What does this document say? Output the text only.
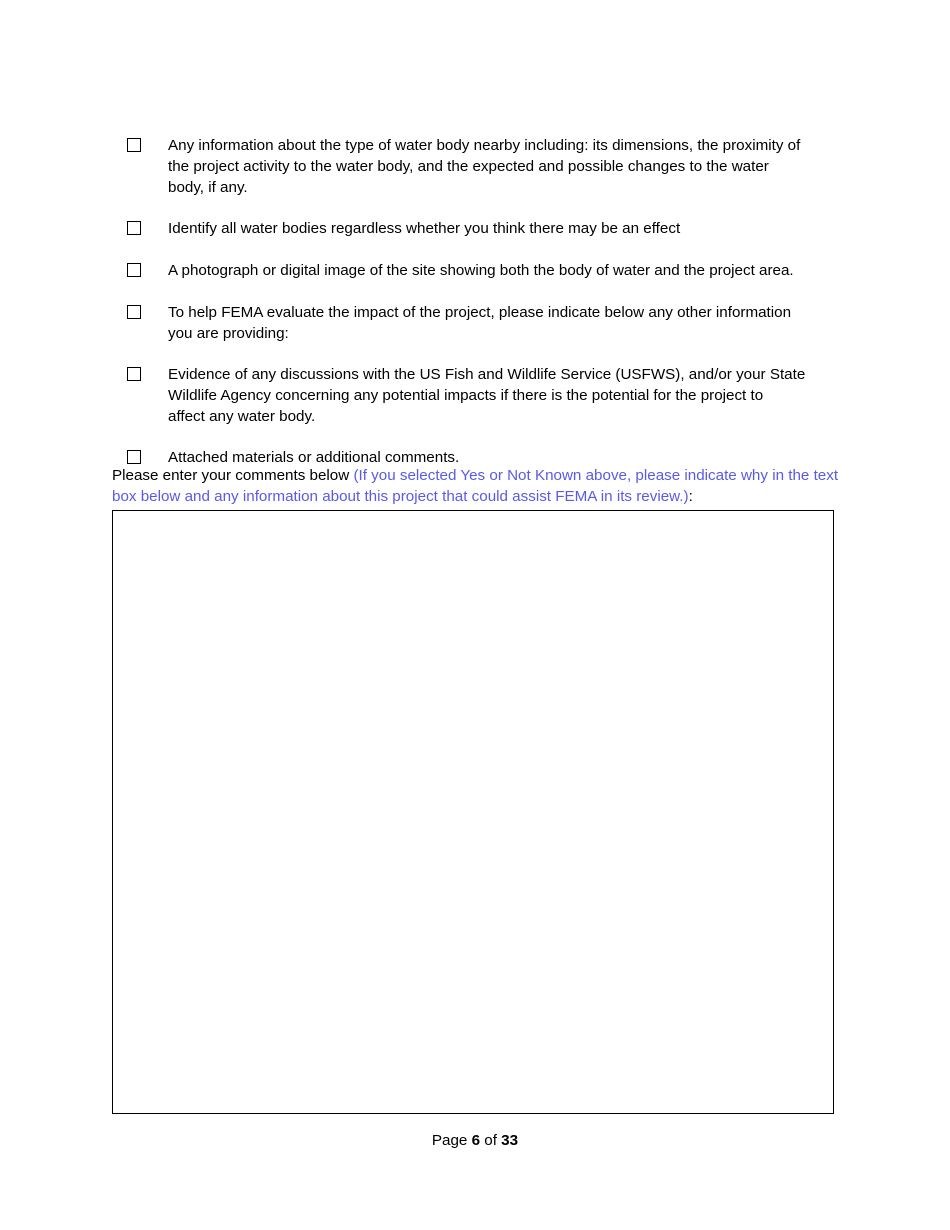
Any information about the type of water body nearby including: its dimensions, the proximity of
the project activity to the water body, and the expected and possible changes to the water
body, if any.
Identify all water bodies regardless whether you think there may be an effect
A photograph or digital image of the site showing both the body of water and the project area.
To help FEMA evaluate the impact of the project, please indicate below any other information
you are providing:
Evidence of any discussions with the US Fish and Wildlife Service (USFWS), and/or your State
Wildlife Agency concerning any potential impacts if there is the potential for the project to
affect any water body.
Attached materials or additional comments.
Please enter your comments below (If you selected Yes or Not Known above, please indicate why in the text box below and any information about this project that could assist FEMA in its review.):
Page 6 of 33
